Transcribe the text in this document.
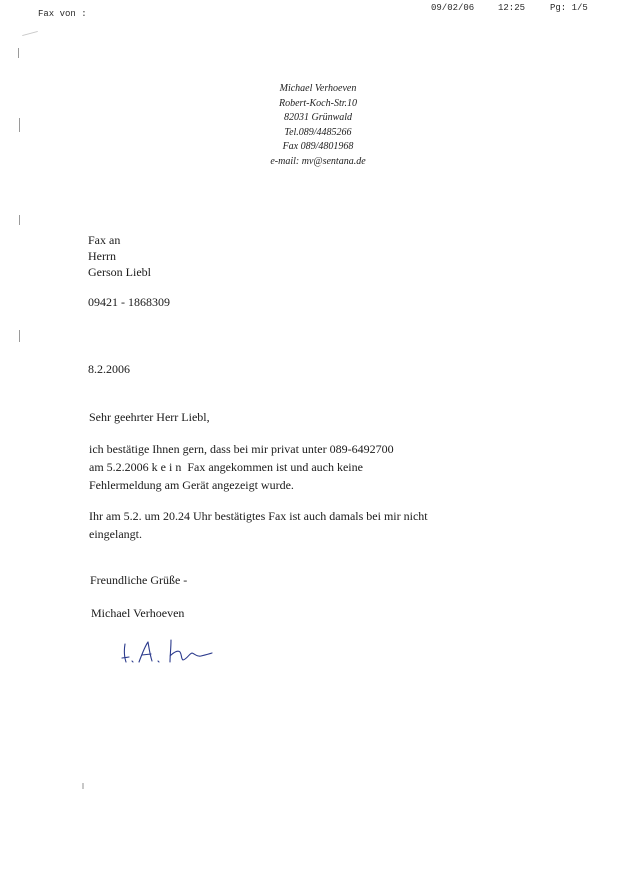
Fax von :
09/02/06	12:25	Pg: 1/5
Michael Verhoeven
Robert-Koch-Str.10
82031 Grünwald
Tel.089/4485266
Fax 089/4801968
e-mail: mv@sentana.de
Fax an
Herrn
Gerson Liebl
09421 - 1868309
8.2.2006
Sehr geehrter Herr Liebl,
ich bestätige Ihnen gern, dass bei mir privat unter 089-6492700
am 5.2.2006 kein Fax angekommen ist und auch keine
Fehlermeldung am Gerät angezeigt wurde.
Ihr am 5.2. um 20.24 Uhr bestätigtes Fax ist auch damals bei mir nicht
eingelangt.
Freundliche Grüße -
Michael Verhoeven
